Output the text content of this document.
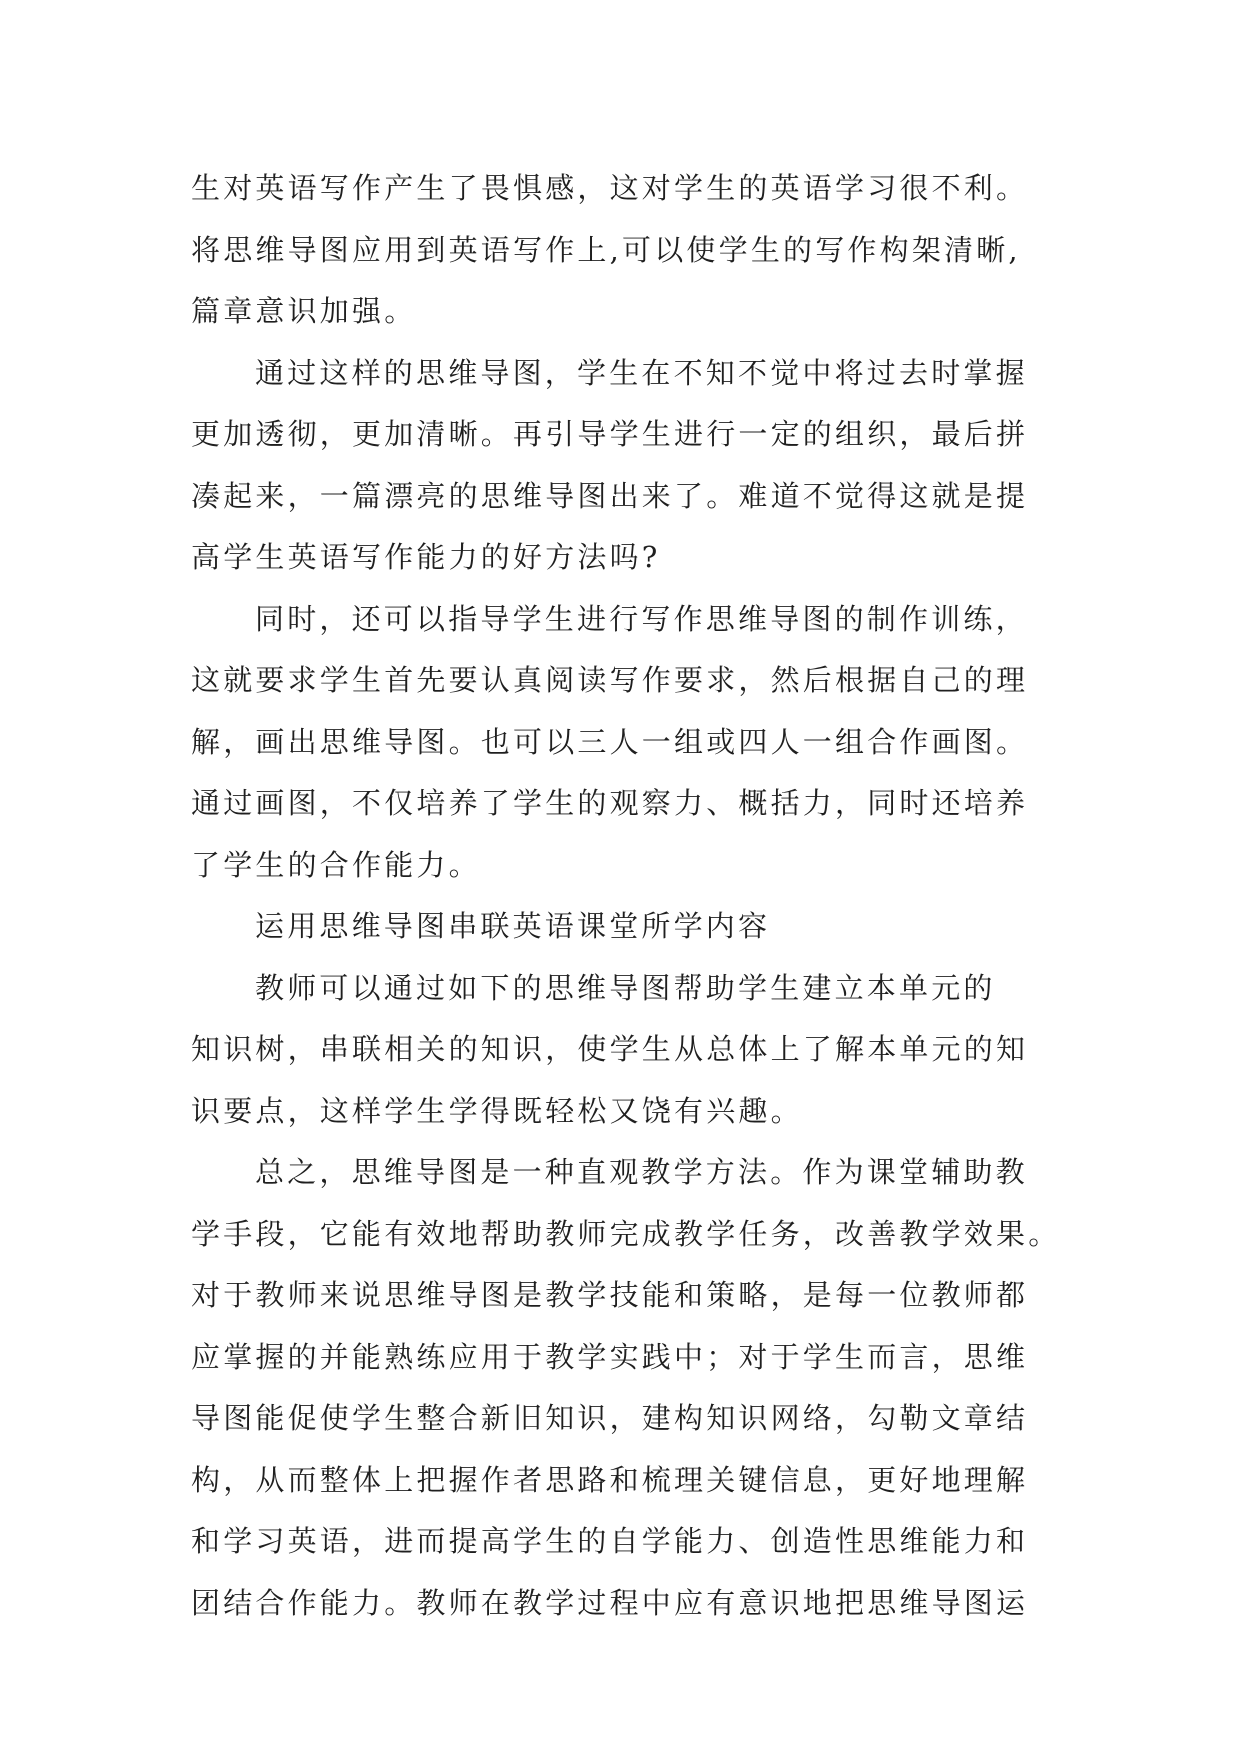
生对英语写作产生了畏惧感，这对学生的英语学习很不利。
将思维导图应用到英语写作上,可以使学生的写作构架清晰,
篇章意识加强。
通过这样的思维导图，学生在不知不觉中将过去时掌握
更加透彻，更加清晰。再引导学生进行一定的组织，最后拼
凑起来，一篇漂亮的思维导图出来了。难道不觉得这就是提
高学生英语写作能力的好方法吗?
同时，还可以指导学生进行写作思维导图的制作训练，
这就要求学生首先要认真阅读写作要求，然后根据自己的理
解，画出思维导图。也可以三人一组或四人一组合作画图。
通过画图，不仅培养了学生的观察力、概括力，同时还培养
了学生的合作能力。
运用思维导图串联英语课堂所学内容
教师可以通过如下的思维导图帮助学生建立本单元的
知识树，串联相关的知识，使学生从总体上了解本单元的知
识要点，这样学生学得既轻松又饶有兴趣。
总之，思维导图是一种直观教学方法。作为课堂辅助教
学手段，它能有效地帮助教师完成教学任务，改善教学效果。
对于教师来说思维导图是教学技能和策略，是每一位教师都
应掌握的并能熟练应用于教学实践中；对于学生而言，思维
导图能促使学生整合新旧知识，建构知识网络，勾勒文章结
构，从而整体上把握作者思路和梳理关键信息，更好地理解
和学习英语，进而提高学生的自学能力、创造性思维能力和
团结合作能力。教师在教学过程中应有意识地把思维导图运
